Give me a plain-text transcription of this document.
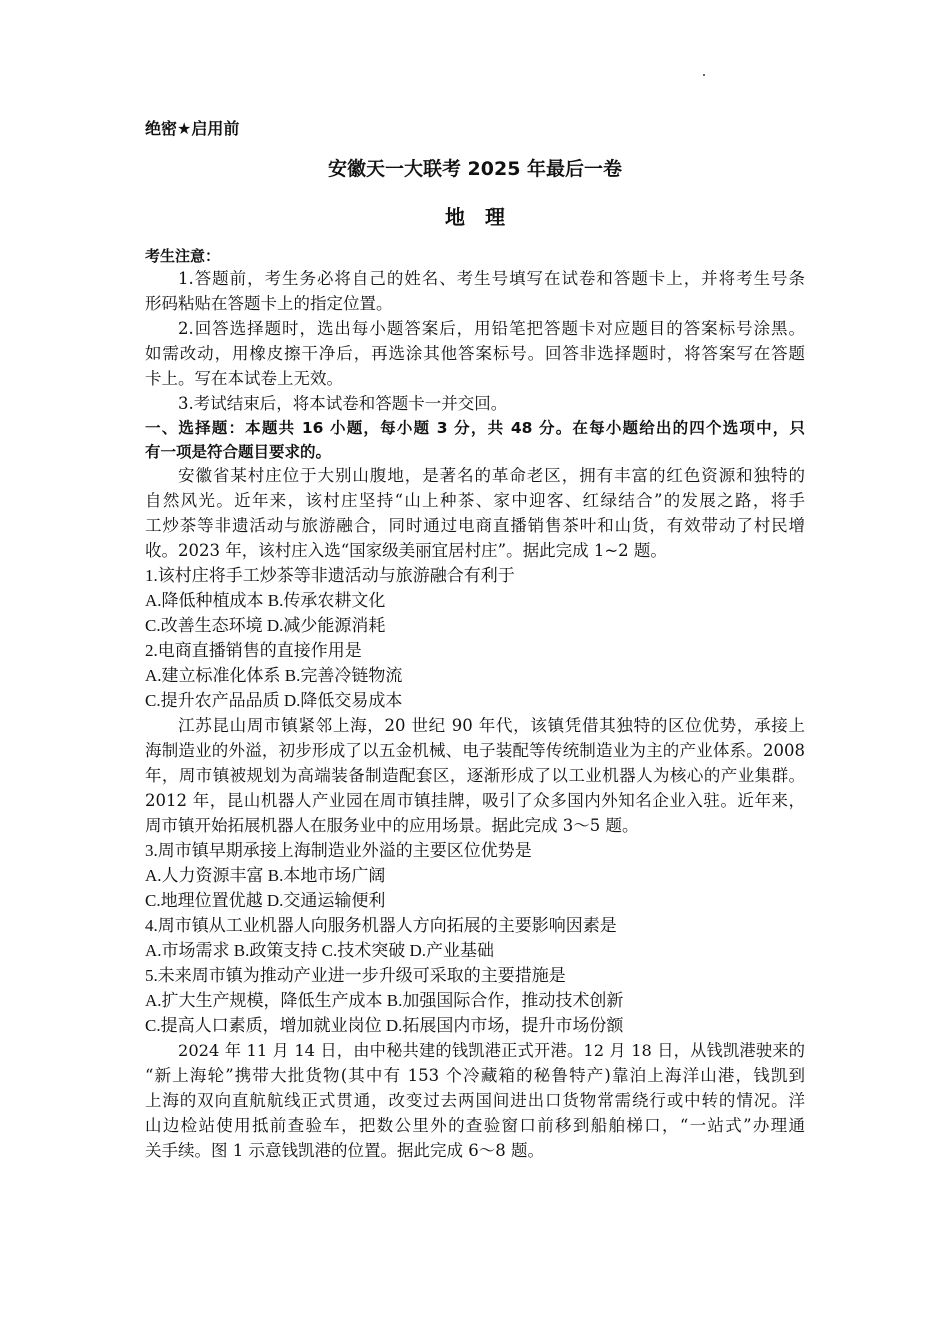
绝密★启用前
安徽天一大联考 2025 年最后一卷
地　理
考生注意：
1.答题前，考生务必将自己的姓名、考生号填写在试卷和答题卡上，并将考生号条
形码粘贴在答题卡上的指定位置。
2.回答选择题时，选出每小题答案后，用铅笔把答题卡对应题目的答案标号涂黑。
如需改动，用橡皮擦干净后，再选涂其他答案标号。回答非选择题时，将答案写在答题
卡上。写在本试卷上无效。
3.考试结束后，将本试卷和答题卡一并交回。
一、选择题：本题共 16 小题，每小题 3 分，共 48 分。在每小题给出的四个选项中，只
有一项是符合题目要求的。
安徽省某村庄位于大别山腹地，是著名的革命老区，拥有丰富的红色资源和独特的
自然风光。近年来，该村庄坚持“山上种茶、家中迎客、红绿结合”的发展之路，将手
工炒茶等非遗活动与旅游融合，同时通过电商直播销售茶叶和山货，有效带动了村民增
收。2023 年，该村庄入选“国家级美丽宜居村庄”。据此完成 1~2 题。
1.该村庄将手工炒茶等非遗活动与旅游融合有利于
A.降低种植成本 B.传承农耕文化
C.改善生态环境 D.减少能源消耗
2.电商直播销售的直接作用是
A.建立标准化体系 B.完善冷链物流
C.提升农产品品质 D.降低交易成本
江苏昆山周市镇紧邻上海，20 世纪 90 年代，该镇凭借其独特的区位优势，承接上
海制造业的外溢，初步形成了以五金机械、电子装配等传统制造业为主的产业体系。2008
年，周市镇被规划为高端装备制造配套区，逐渐形成了以工业机器人为核心的产业集群。
2012 年，昆山机器人产业园在周市镇挂牌，吸引了众多国内外知名企业入驻。近年来，
周市镇开始拓展机器人在服务业中的应用场景。据此完成 3～5 题。
3.周市镇早期承接上海制造业外溢的主要区位优势是
A.人力资源丰富 B.本地市场广阔
C.地理位置优越 D.交通运输便利
4.周市镇从工业机器人向服务机器人方向拓展的主要影响因素是
A.市场需求 B.政策支持 C.技术突破 D.产业基础
5.未来周市镇为推动产业进一步升级可采取的主要措施是
A.扩大生产规模，降低生产成本 B.加强国际合作，推动技术创新
C.提高人口素质，增加就业岗位 D.拓展国内市场，提升市场份额
2024 年 11 月 14 日，由中秘共建的钱凯港正式开港。12 月 18 日，从钱凯港驶来的
“新上海轮”携带大批货物(其中有 153 个冷藏箱的秘鲁特产)靠泊上海洋山港，钱凯到
上海的双向直航航线正式贯通，改变过去两国间进出口货物常需绕行或中转的情况。洋
山边检站使用抵前查验车，把数公里外的查验窗口前移到船舶梯口，“一站式”办理通
关手续。图 1 示意钱凯港的位置。据此完成 6～8 题。
